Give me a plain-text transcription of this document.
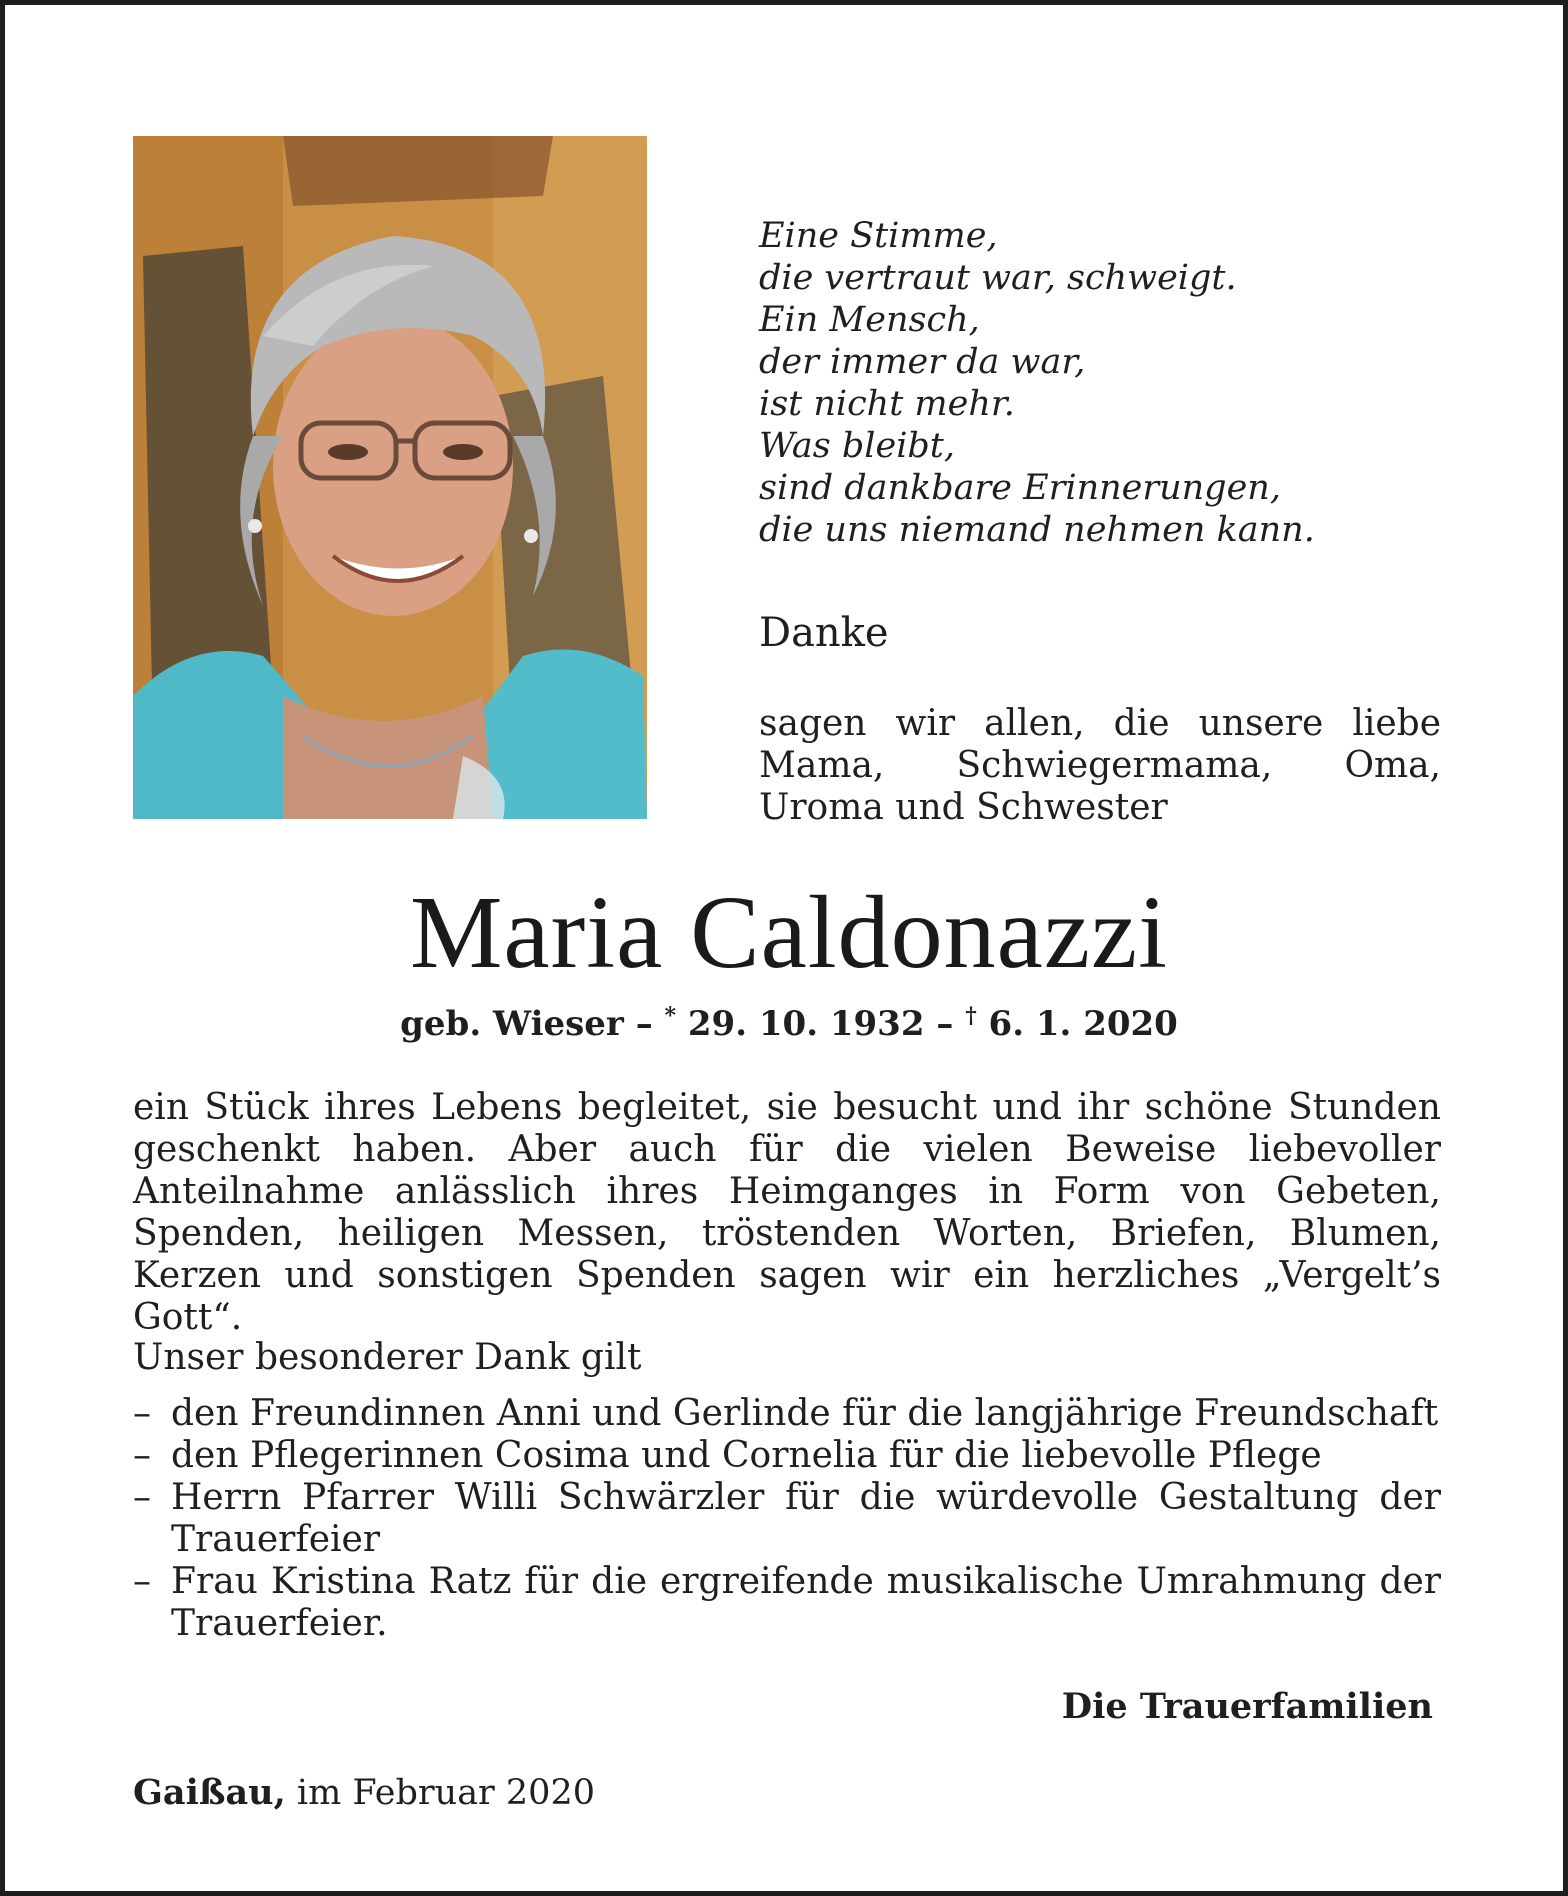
Eine Stimme,
die vertraut war, schweigt.
Ein Mensch,
der immer da war,
ist nicht mehr.
Was bleibt,
sind dankbare Erinnerungen,
die uns niemand nehmen kann.
Danke
sagen wir allen, die unsere liebe Mama, Schwiegermama, Oma, Uroma und Schwester
Maria Caldonazzi
geb. Wieser – * 29. 10. 1932 – † 6. 1. 2020
ein Stück ihres Lebens begleitet, sie besucht und ihr schöne Stunden geschenkt haben. Aber auch für die vielen Beweise liebevoller Anteilnahme anlässlich ihres Heimganges in Form von Gebeten, Spenden, heiligen Messen, tröstenden Worten, Briefen, Blumen, Kerzen und sonstigen Spenden sagen wir ein herzliches „Vergelt’s Gott“.
Unser besonderer Dank gilt
– den Freundinnen Anni und Gerlinde für die langjährige Freundschaft
– den Pflegerinnen Cosima und Cornelia für die liebevolle Pflege
– Herrn Pfarrer Willi Schwärzler für die würdevolle Gestaltung der Trauerfeier
– Frau Kristina Ratz für die ergreifende musikalische Umrahmung der Trauerfeier.
Die Trauerfamilien
Gaißau, im Februar 2020
